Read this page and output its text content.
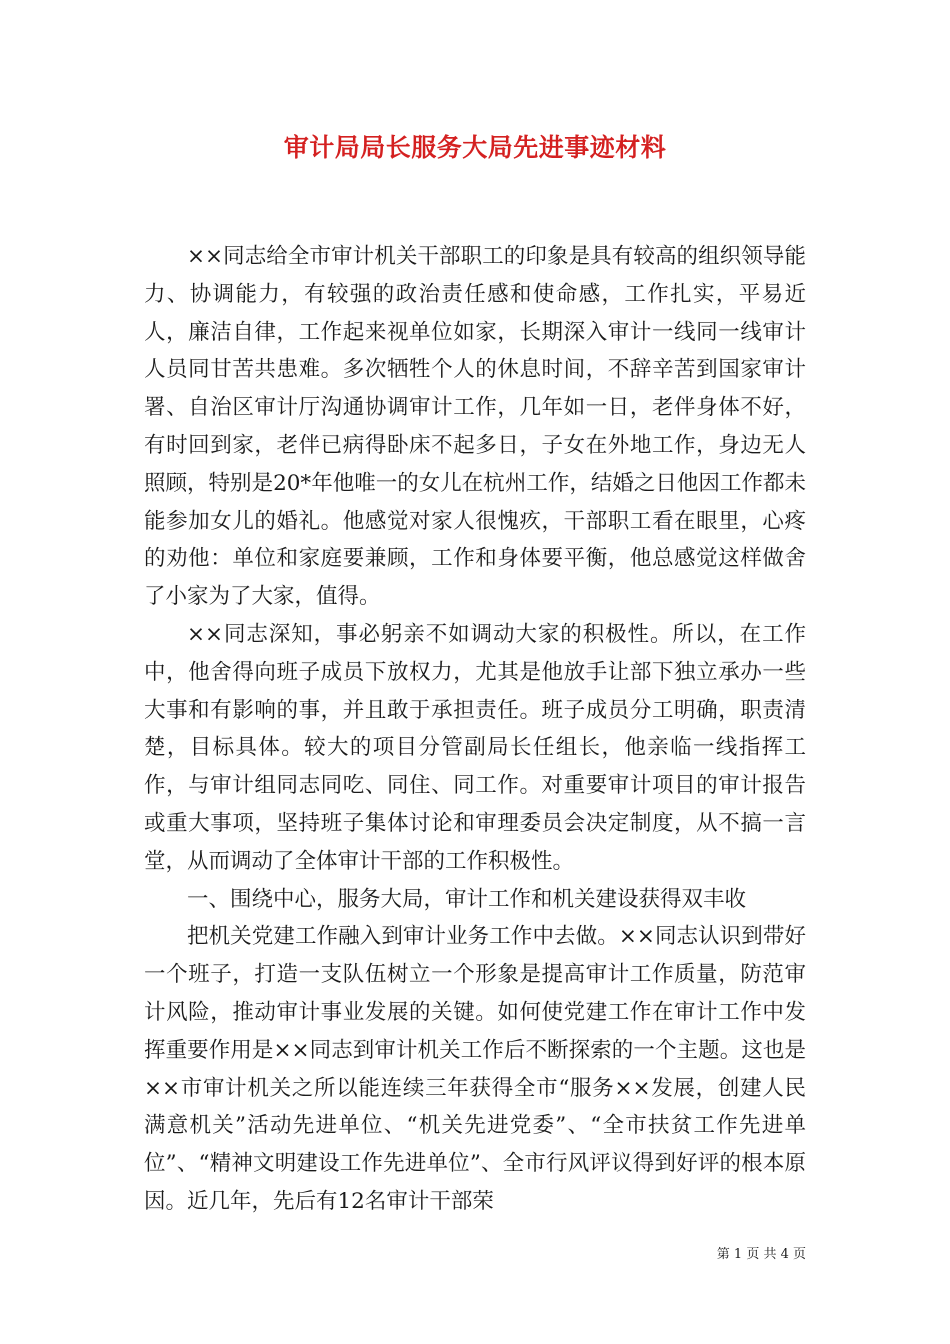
审计局局长服务大局先进事迹材料

××同志给全市审计机关干部职工的印象是具有较高的组织领导能力、协调能力，有较强的政治责任感和使命感，工作扎实，平易近人，廉洁自律，工作起来视单位如家，长期深入审计一线同一线审计人员同甘苦共患难。多次牺牲个人的休息时间，不辞辛苦到国家审计署、自治区审计厅沟通协调审计工作，几年如一日，老伴身体不好，有时回到家，老伴已病得卧床不起多日，子女在外地工作，身边无人照顾，特别是20*年他唯一的女儿在杭州工作，结婚之日他因工作都未能参加女儿的婚礼。他感觉对家人很愧疚，干部职工看在眼里，心疼的劝他：单位和家庭要兼顾，工作和身体要平衡，他总感觉这样做舍了小家为了大家，值得。

××同志深知，事必躬亲不如调动大家的积极性。所以，在工作中，他舍得向班子成员下放权力，尤其是他放手让部下独立承办一些大事和有影响的事，并且敢于承担责任。班子成员分工明确，职责清楚，目标具体。较大的项目分管副局长任组长，他亲临一线指挥工作，与审计组同志同吃、同住、同工作。对重要审计项目的审计报告或重大事项，坚持班子集体讨论和审理委员会决定制度，从不搞一言堂，从而调动了全体审计干部的工作积极性。

一、围绕中心，服务大局，审计工作和机关建设获得双丰收

把机关党建工作融入到审计业务工作中去做。××同志认识到带好一个班子，打造一支队伍树立一个形象是提高审计工作质量，防范审计风险，推动审计事业发展的关键。如何使党建工作在审计工作中发挥重要作用是××同志到审计机关工作后不断探索的一个主题。这也是××市审计机关之所以能连续三年获得全市“服务××发展，创建人民满意机关”活动先进单位、“机关先进党委”、“全市扶贫工作先进单位”、“精神文明建设工作先进单位”、全市行风评议得到好评的根本原因。近几年，先后有12名审计干部荣

第 1 页 共 4 页
